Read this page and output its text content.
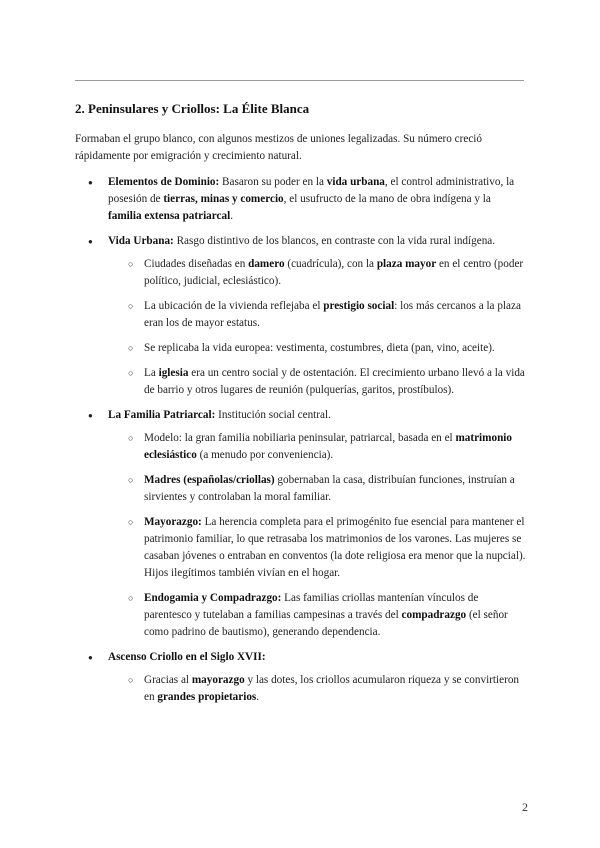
2. Peninsulares y Criollos: La Élite Blanca

Formaban el grupo blanco, con algunos mestizos de uniones legalizadas. Su número creció rápidamente por emigración y crecimiento natural.

● Elementos de Dominio: Basaron su poder en la vida urbana, el control administrativo, la posesión de tierras, minas y comercio, el usufructo de la mano de obra indígena y la familia extensa patriarcal.
● Vida Urbana: Rasgo distintivo de los blancos, en contraste con la vida rural indígena.
○ Ciudades diseñadas en damero (cuadrícula), con la plaza mayor en el centro (poder político, judicial, eclesiástico).
○ La ubicación de la vivienda reflejaba el prestigio social: los más cercanos a la plaza eran los de mayor estatus.
○ Se replicaba la vida europea: vestimenta, costumbres, dieta (pan, vino, aceite).
○ La iglesia era un centro social y de ostentación. El crecimiento urbano llevó a la vida de barrio y otros lugares de reunión (pulquerías, garitos, prostíbulos).
● La Familia Patriarcal: Institución social central.
○ Modelo: la gran familia nobiliaria peninsular, patriarcal, basada en el matrimonio eclesiástico (a menudo por conveniencia).
○ Madres (españolas/criollas) gobernaban la casa, distribuían funciones, instruían a sirvientes y controlaban la moral familiar.
○ Mayorazgo: La herencia completa para el primogénito fue esencial para mantener el patrimonio familiar, lo que retrasaba los matrimonios de los varones. Las mujeres se casaban jóvenes o entraban en conventos (la dote religiosa era menor que la nupcial). Hijos ilegítimos también vivían en el hogar.
○ Endogamia y Compadrazgo: Las familias criollas mantenían vínculos de parentesco y tutelaban a familias campesinas a través del compadrazgo (el señor como padrino de bautismo), generando dependencia.
● Ascenso Criollo en el Siglo XVII:
○ Gracias al mayorazgo y las dotes, los criollos acumularon riqueza y se convirtieron en grandes propietarios.
2
